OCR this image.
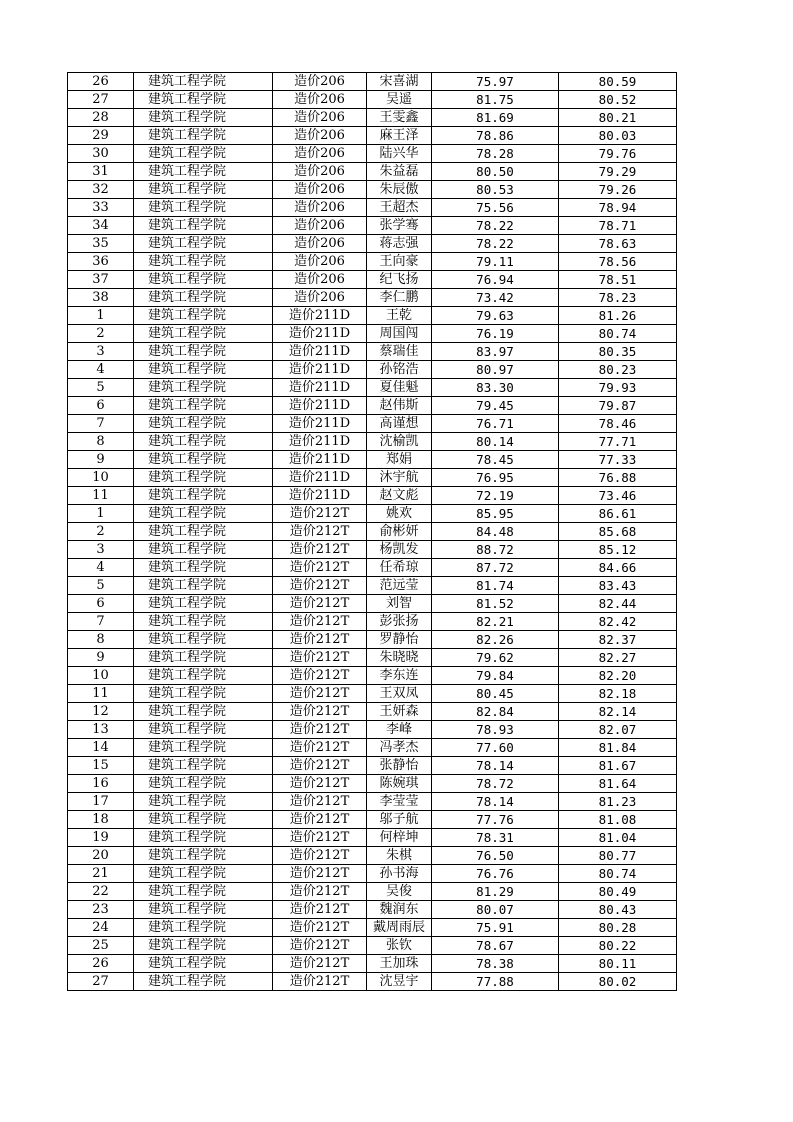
26	建筑工程学院	造价206	宋喜湖	75.97	80.59
27	建筑工程学院	造价206	吴遥	81.75	80.52
28	建筑工程学院	造价206	王雯鑫	81.69	80.21
29	建筑工程学院	造价206	麻王泽	78.86	80.03
30	建筑工程学院	造价206	陆兴华	78.28	79.76
31	建筑工程学院	造价206	朱益磊	80.50	79.29
32	建筑工程学院	造价206	朱辰傲	80.53	79.26
33	建筑工程学院	造价206	王超杰	75.56	78.94
34	建筑工程学院	造价206	张学骞	78.22	78.71
35	建筑工程学院	造价206	蒋志强	78.22	78.63
36	建筑工程学院	造价206	王向豪	79.11	78.56
37	建筑工程学院	造价206	纪飞扬	76.94	78.51
38	建筑工程学院	造价206	李仁鹏	73.42	78.23
1	建筑工程学院	造价211D	王乾	79.63	81.26
2	建筑工程学院	造价211D	周国闯	76.19	80.74
3	建筑工程学院	造价211D	蔡瑞佳	83.97	80.35
4	建筑工程学院	造价211D	孙铭浩	80.97	80.23
5	建筑工程学院	造价211D	夏佳魁	83.30	79.93
6	建筑工程学院	造价211D	赵伟斯	79.45	79.87
7	建筑工程学院	造价211D	高谨想	76.71	78.46
8	建筑工程学院	造价211D	沈榆凯	80.14	77.71
9	建筑工程学院	造价211D	郑娟	78.45	77.33
10	建筑工程学院	造价211D	沐宇航	76.95	76.88
11	建筑工程学院	造价211D	赵文彪	72.19	73.46
1	建筑工程学院	造价212T	姚欢	85.95	86.61
2	建筑工程学院	造价212T	俞彬妍	84.48	85.68
3	建筑工程学院	造价212T	杨凯发	88.72	85.12
4	建筑工程学院	造价212T	任希琼	87.72	84.66
5	建筑工程学院	造价212T	范远莹	81.74	83.43
6	建筑工程学院	造价212T	刘智	81.52	82.44
7	建筑工程学院	造价212T	彭张扬	82.21	82.42
8	建筑工程学院	造价212T	罗静怡	82.26	82.37
9	建筑工程学院	造价212T	朱晓晓	79.62	82.27
10	建筑工程学院	造价212T	李东连	79.84	82.20
11	建筑工程学院	造价212T	王双凤	80.45	82.18
12	建筑工程学院	造价212T	王妍森	82.84	82.14
13	建筑工程学院	造价212T	李峰	78.93	82.07
14	建筑工程学院	造价212T	冯孝杰	77.60	81.84
15	建筑工程学院	造价212T	张静怡	78.14	81.67
16	建筑工程学院	造价212T	陈婉琪	78.72	81.64
17	建筑工程学院	造价212T	李莹莹	78.14	81.23
18	建筑工程学院	造价212T	邬子航	77.76	81.08
19	建筑工程学院	造价212T	何梓坤	78.31	81.04
20	建筑工程学院	造价212T	朱棋	76.50	80.77
21	建筑工程学院	造价212T	孙书海	76.76	80.74
22	建筑工程学院	造价212T	吴俊	81.29	80.49
23	建筑工程学院	造价212T	魏润东	80.07	80.43
24	建筑工程学院	造价212T	戴周雨辰	75.91	80.28
25	建筑工程学院	造价212T	张钦	78.67	80.22
26	建筑工程学院	造价212T	王加珠	78.38	80.11
27	建筑工程学院	造价212T	沈昱宇	77.88	80.02
